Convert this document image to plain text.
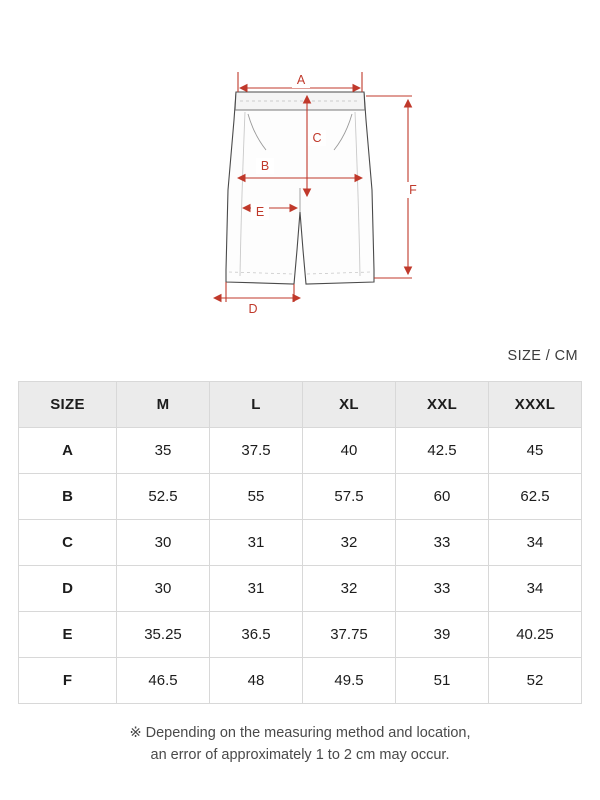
A
B
C
D
E
F
SIZE / CM
SIZE	M	L	XL	XXL	XXXL
A	35	37.5	40	42.5	45
B	52.5	55	57.5	60	62.5
C	30	31	32	33	34
D	30	31	32	33	34
E	35.25	36.5	37.75	39	40.25
F	46.5	48	49.5	51	52
※ Depending on the measuring method and location,
an error of approximately 1 to 2 cm may occur.
